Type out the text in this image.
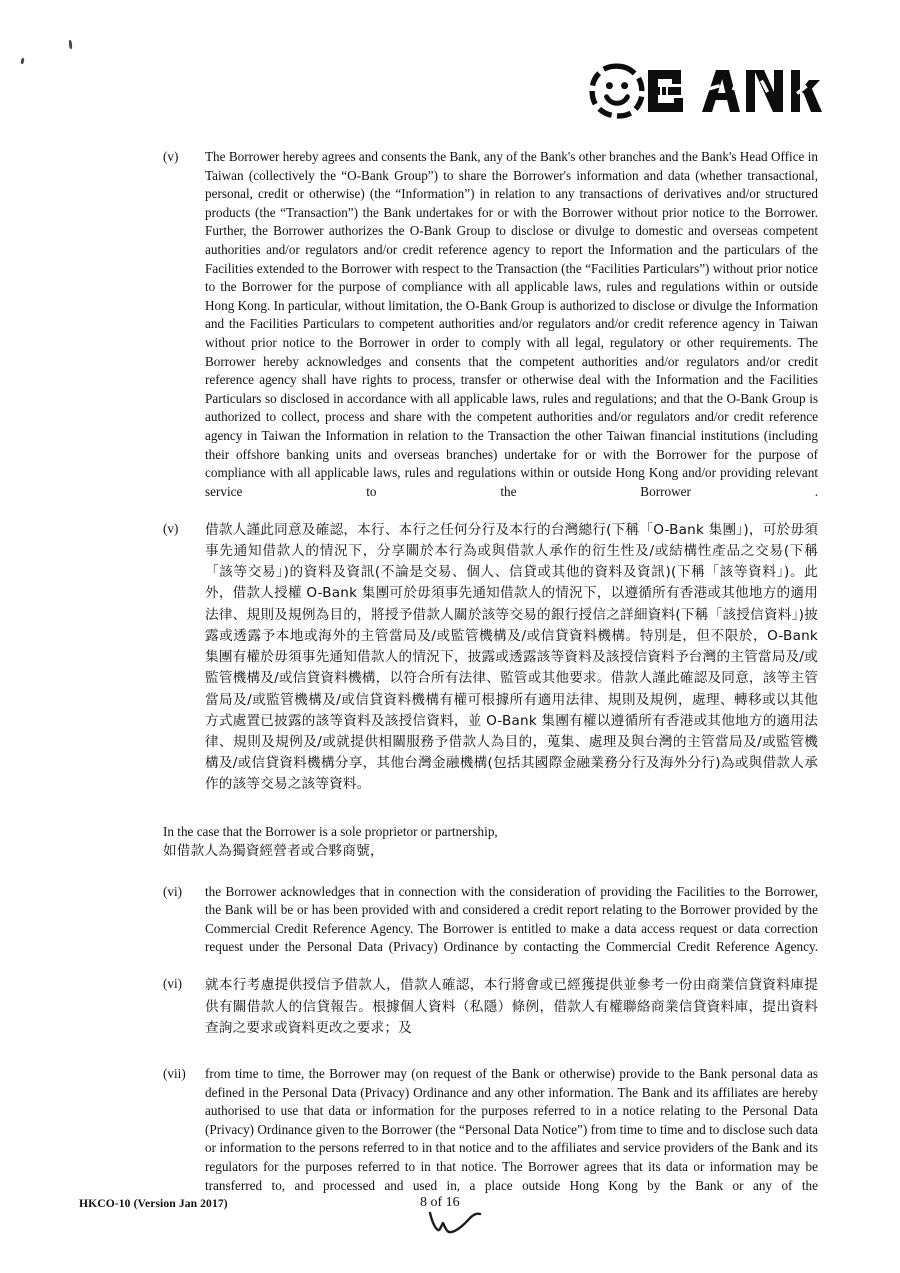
(v)	The Borrower hereby agrees and consents the Bank, any of the Bank's other branches and the Bank's Head Office in Taiwan (collectively the “O-Bank Group”) to share the Borrower's information and data (whether transactional, personal, credit or otherwise) (the “Information”) in relation to any transactions of derivatives and/or structured products (the “Transaction”) the Bank undertakes for or with the Borrower without prior notice to the Borrower. Further, the Borrower authorizes the O-Bank Group to disclose or divulge to domestic and overseas competent authorities and/or regulators and/or credit reference agency to report the Information and the particulars of the Facilities extended to the Borrower with respect to the Transaction (the “Facilities Particulars”) without prior notice to the Borrower for the purpose of compliance with all applicable laws, rules and regulations within or outside Hong Kong. In particular, without limitation, the O-Bank Group is authorized to disclose or divulge the Information and the Facilities Particulars to competent authorities and/or regulators and/or credit reference agency in Taiwan without prior notice to the Borrower in order to comply with all legal, regulatory or other requirements. The Borrower hereby acknowledges and consents that the competent authorities and/or regulators and/or credit reference agency shall have rights to process, transfer or otherwise deal with the Information and the Facilities Particulars so disclosed in accordance with all applicable laws, rules and regulations; and that the O-Bank Group is authorized to collect, process and share with the competent authorities and/or regulators and/or credit reference agency in Taiwan the Information in relation to the Transaction the other Taiwan financial institutions (including their offshore banking units and overseas branches) undertake for or with the Borrower for the purpose of compliance with all applicable laws, rules and regulations within or outside Hong Kong and/or providing relevant service to the Borrower .
(v)	借款人謹此同意及確認，本行、本行之任何分行及本行的台灣總行(下稱「O-Bank 集團」)，可於毋須事先通知借款人的情況下，分享關於本行為或與借款人承作的衍生性及/或結構性產品之交易(下稱「該等交易」)的資料及資訊(不論是交易、個人、信貸或其他的資料及資訊)(下稱「該等資料」)。此外，借款人授權 O-Bank 集團可於毋須事先通知借款人的情況下，以遵循所有香港或其他地方的適用法律、規則及規例為目的，將授予借款人關於該等交易的銀行授信之詳細資料(下稱「該授信資料」)披露或透露予本地或海外的主管當局及/或監管機構及/或信貸資料機構。特別是，但不限於，O-Bank 集團有權於毋須事先通知借款人的情況下，披露或透露該等資料及該授信資料予台灣的主管當局及/或監管機構及/或信貸資料機構，以符合所有法律、監管或其他要求。借款人謹此確認及同意，該等主管當局及/或監管機構及/或信貸資料機構有權可根據所有適用法律、規則及規例，處理、轉移或以其他方式處置已披露的該等資料及該授信資料，並 O-Bank 集團有權以遵循所有香港或其他地方的適用法律、規則及規例及/或就提供相關服務予借款人為目的，蒐集、處理及與台灣的主管當局及/或監管機構及/或信貸資料機構分享，其他台灣金融機構(包括其國際金融業務分行及海外分行)為或與借款人承作的該等交易之該等資料。
In the case that the Borrower is a sole proprietor or partnership,
如借款人為獨資經營者或合夥商號，
(vi)	the Borrower acknowledges that in connection with the consideration of providing the Facilities to the Borrower, the Bank will be or has been provided with and considered a credit report relating to the Borrower provided by the Commercial Credit Reference Agency. The Borrower is entitled to make a data access request or data correction request under the Personal Data (Privacy) Ordinance by contacting the Commercial Credit Reference Agency.
(vi)	就本行考慮提供授信予借款人，借款人確認，本行將會或已經獲提供並參考一份由商業信貸資料庫提供有關借款人的信貸報告。根據個人資料（私隱）條例，借款人有權聯絡商業信貸資料庫，提出資料查詢之要求或資料更改之要求；及
(vii)	from time to time, the Borrower may (on request of the Bank or otherwise) provide to the Bank personal data as defined in the Personal Data (Privacy) Ordinance and any other information. The Bank and its affiliates are hereby authorised to use that data or information for the purposes referred to in a notice relating to the Personal Data (Privacy) Ordinance given to the Borrower (the “Personal Data Notice”) from time to time and to disclose such data or information to the persons referred to in that notice and to the affiliates and service providers of the Bank and its regulators for the purposes referred to in that notice. The Borrower agrees that its data or information may be transferred to, and processed and used in, a place outside Hong Kong by the Bank or any of the
HKCO-10 (Version Jan 2017)	8 of 16
